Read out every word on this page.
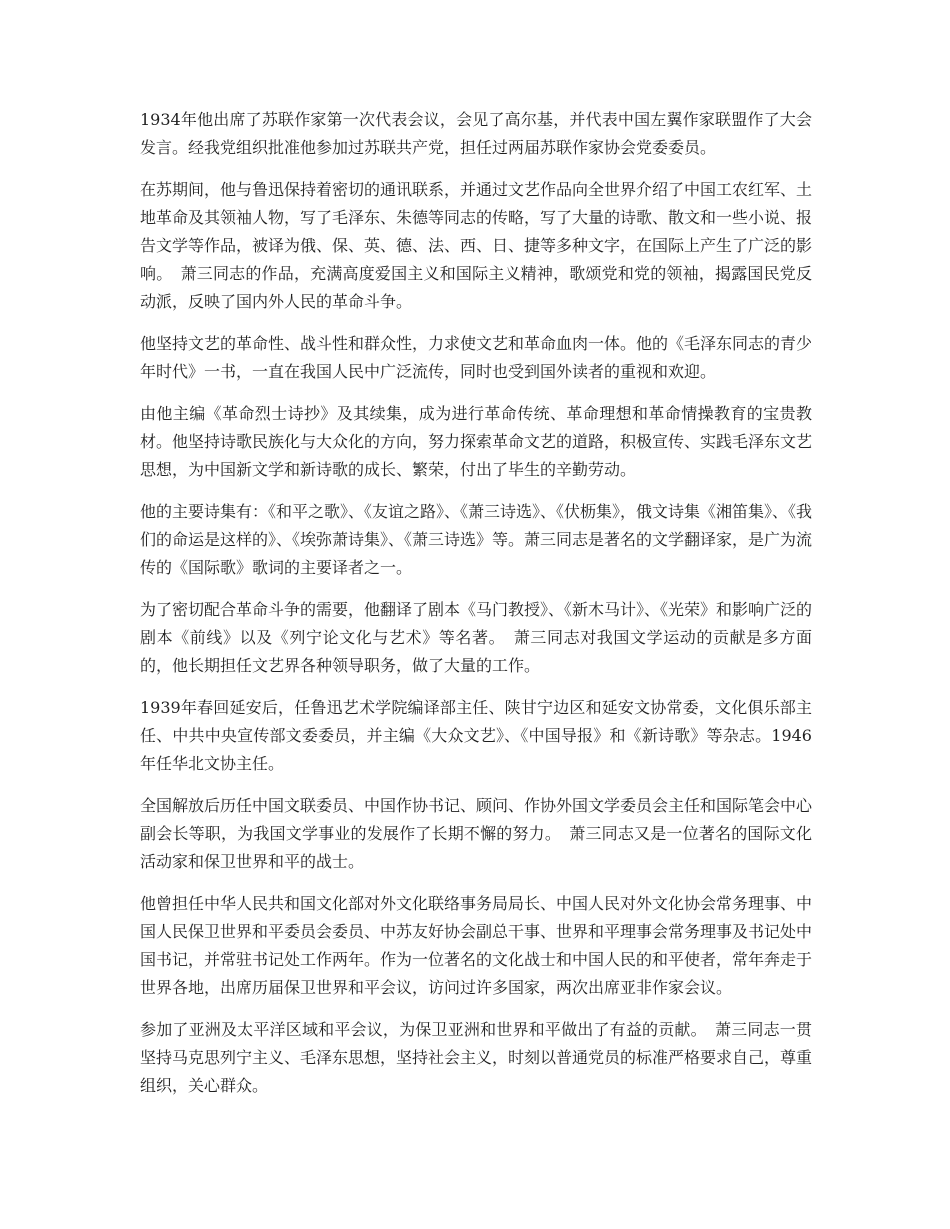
1934年他出席了苏联作家第一次代表会议，会见了高尔基，并代表中国左翼作家联盟作了大会发言。经我党组织批准他参加过苏联共产党，担任过两届苏联作家协会党委委员。

在苏期间，他与鲁迅保持着密切的通讯联系，并通过文艺作品向全世界介绍了中国工农红军、土地革命及其领袖人物，写了毛泽东、朱德等同志的传略，写了大量的诗歌、散文和一些小说、报告文学等作品，被译为俄、保、英、德、法、西、日、捷等多种文字，在国际上产生了广泛的影响。　萧三同志的作品，充满高度爱国主义和国际主义精神，歌颂党和党的领袖，揭露国民党反动派，反映了国内外人民的革命斗争。

他坚持文艺的革命性、战斗性和群众性，力求使文艺和革命血肉一体。他的《毛泽东同志的青少年时代》一书，一直在我国人民中广泛流传，同时也受到国外读者的重视和欢迎。

由他主编《革命烈士诗抄》及其续集，成为进行革命传统、革命理想和革命情操教育的宝贵教材。他坚持诗歌民族化与大众化的方向，努力探索革命文艺的道路，积极宣传、实践毛泽东文艺思想，为中国新文学和新诗歌的成长、繁荣，付出了毕生的辛勤劳动。

他的主要诗集有：《和平之歌》、《友谊之路》、《萧三诗选》、《伏枥集》，俄文诗集《湘笛集》、《我们的命运是这样的》、《埃弥萧诗集》、《萧三诗选》等。萧三同志是著名的文学翻译家，是广为流传的《国际歌》歌词的主要译者之一。

为了密切配合革命斗争的需要，他翻译了剧本《马门教授》、《新木马计》、《光荣》和影响广泛的剧本《前线》以及《列宁论文化与艺术》等名著。　萧三同志对我国文学运动的贡献是多方面的，他长期担任文艺界各种领导职务，做了大量的工作。

1939年春回延安后，任鲁迅艺术学院编译部主任、陕甘宁边区和延安文协常委，文化俱乐部主任、中共中央宣传部文委委员，并主编《大众文艺》、《中国导报》和《新诗歌》等杂志。1946年任华北文协主任。

全国解放后历任中国文联委员、中国作协书记、顾问、作协外国文学委员会主任和国际笔会中心副会长等职，为我国文学事业的发展作了长期不懈的努力。　萧三同志又是一位著名的国际文化活动家和保卫世界和平的战士。

他曾担任中华人民共和国文化部对外文化联络事务局局长、中国人民对外文化协会常务理事、中国人民保卫世界和平委员会委员、中苏友好协会副总干事、世界和平理事会常务理事及书记处中国书记，并常驻书记处工作两年。作为一位著名的文化战士和中国人民的和平使者，常年奔走于世界各地，出席历届保卫世界和平会议，访问过许多国家，两次出席亚非作家会议。

参加了亚洲及太平洋区域和平会议，为保卫亚洲和世界和平做出了有益的贡献。　萧三同志一贯坚持马克思列宁主义、毛泽东思想，坚持社会主义，时刻以普通党员的标准严格要求自己，尊重组织，关心群众。
